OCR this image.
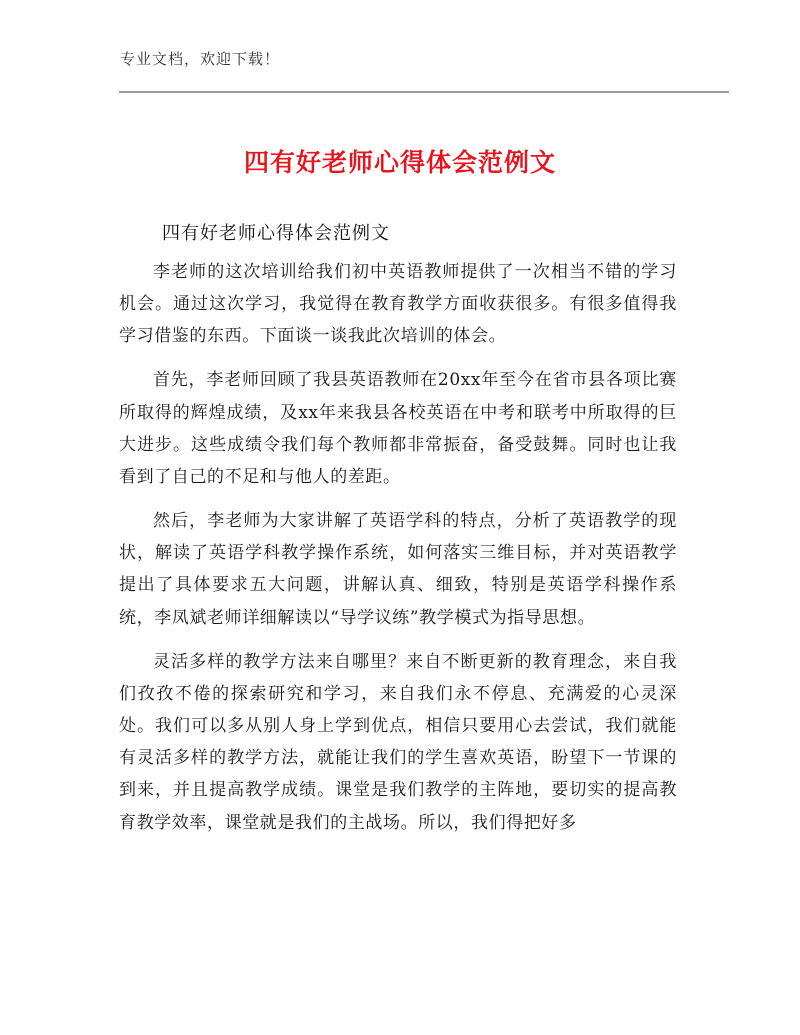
专业文档，欢迎下载！
四有好老师心得体会范例文
四有好老师心得体会范例文

李老师的这次培训给我们初中英语教师提供了一次相当不错的学习机会。通过这次学习，我觉得在教育教学方面收获很多。有很多值得我学习借鉴的东西。下面谈一谈我此次培训的体会。

首先，李老师回顾了我县英语教师在20xx年至今在省市县各项比赛所取得的辉煌成绩，及xx年来我县各校英语在中考和联考中所取得的巨大进步。这些成绩令我们每个教师都非常振奋，备受鼓舞。同时也让我看到了自己的不足和与他人的差距。

然后，李老师为大家讲解了英语学科的特点，分析了英语教学的现状，解读了英语学科教学操作系统，如何落实三维目标，并对英语教学提出了具体要求五大问题，讲解认真、细致，特别是英语学科操作系统，李凤斌老师详细解读以“导学议练”教学模式为指导思想。

灵活多样的教学方法来自哪里？来自不断更新的教育理念，来自我们孜孜不倦的探索研究和学习，来自我们永不停息、充满爱的心灵深处。我们可以多从别人身上学到优点，相信只要用心去尝试，我们就能有灵活多样的教学方法，就能让我们的学生喜欢英语，盼望下一节课的到来，并且提高教学成绩。课堂是我们教学的主阵地，要切实的提高教育教学效率，课堂就是我们的主战场。所以，我们得把好多
